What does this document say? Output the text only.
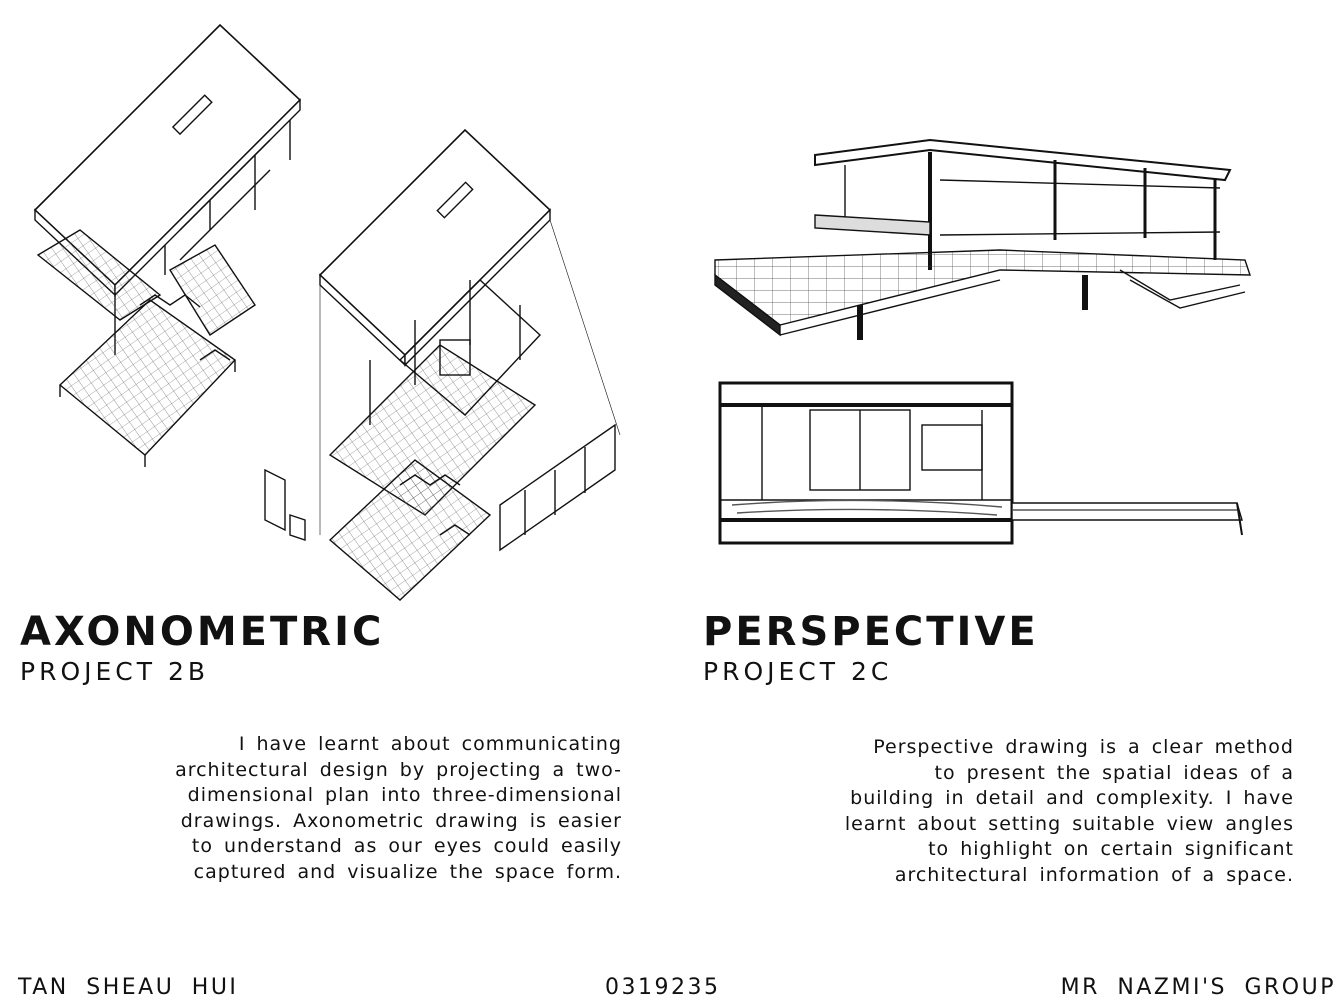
AXONOMETRIC
PROJECT 2B
PERSPECTIVE
PROJECT 2C
I have learnt about communicating
architectural design by projecting a two-
dimensional plan into three-dimensional
drawings. Axonometric drawing is easier
to understand as our eyes could easily
captured and visualize the space form.
Perspective drawing is a clear method
to present the spatial ideas of a
building in detail and complexity. I have
learnt about setting suitable view angles
to highlight on certain significant
architectural information of a space.
TAN SHEAU HUI	0319235	MR NAZMI'S GROUP
